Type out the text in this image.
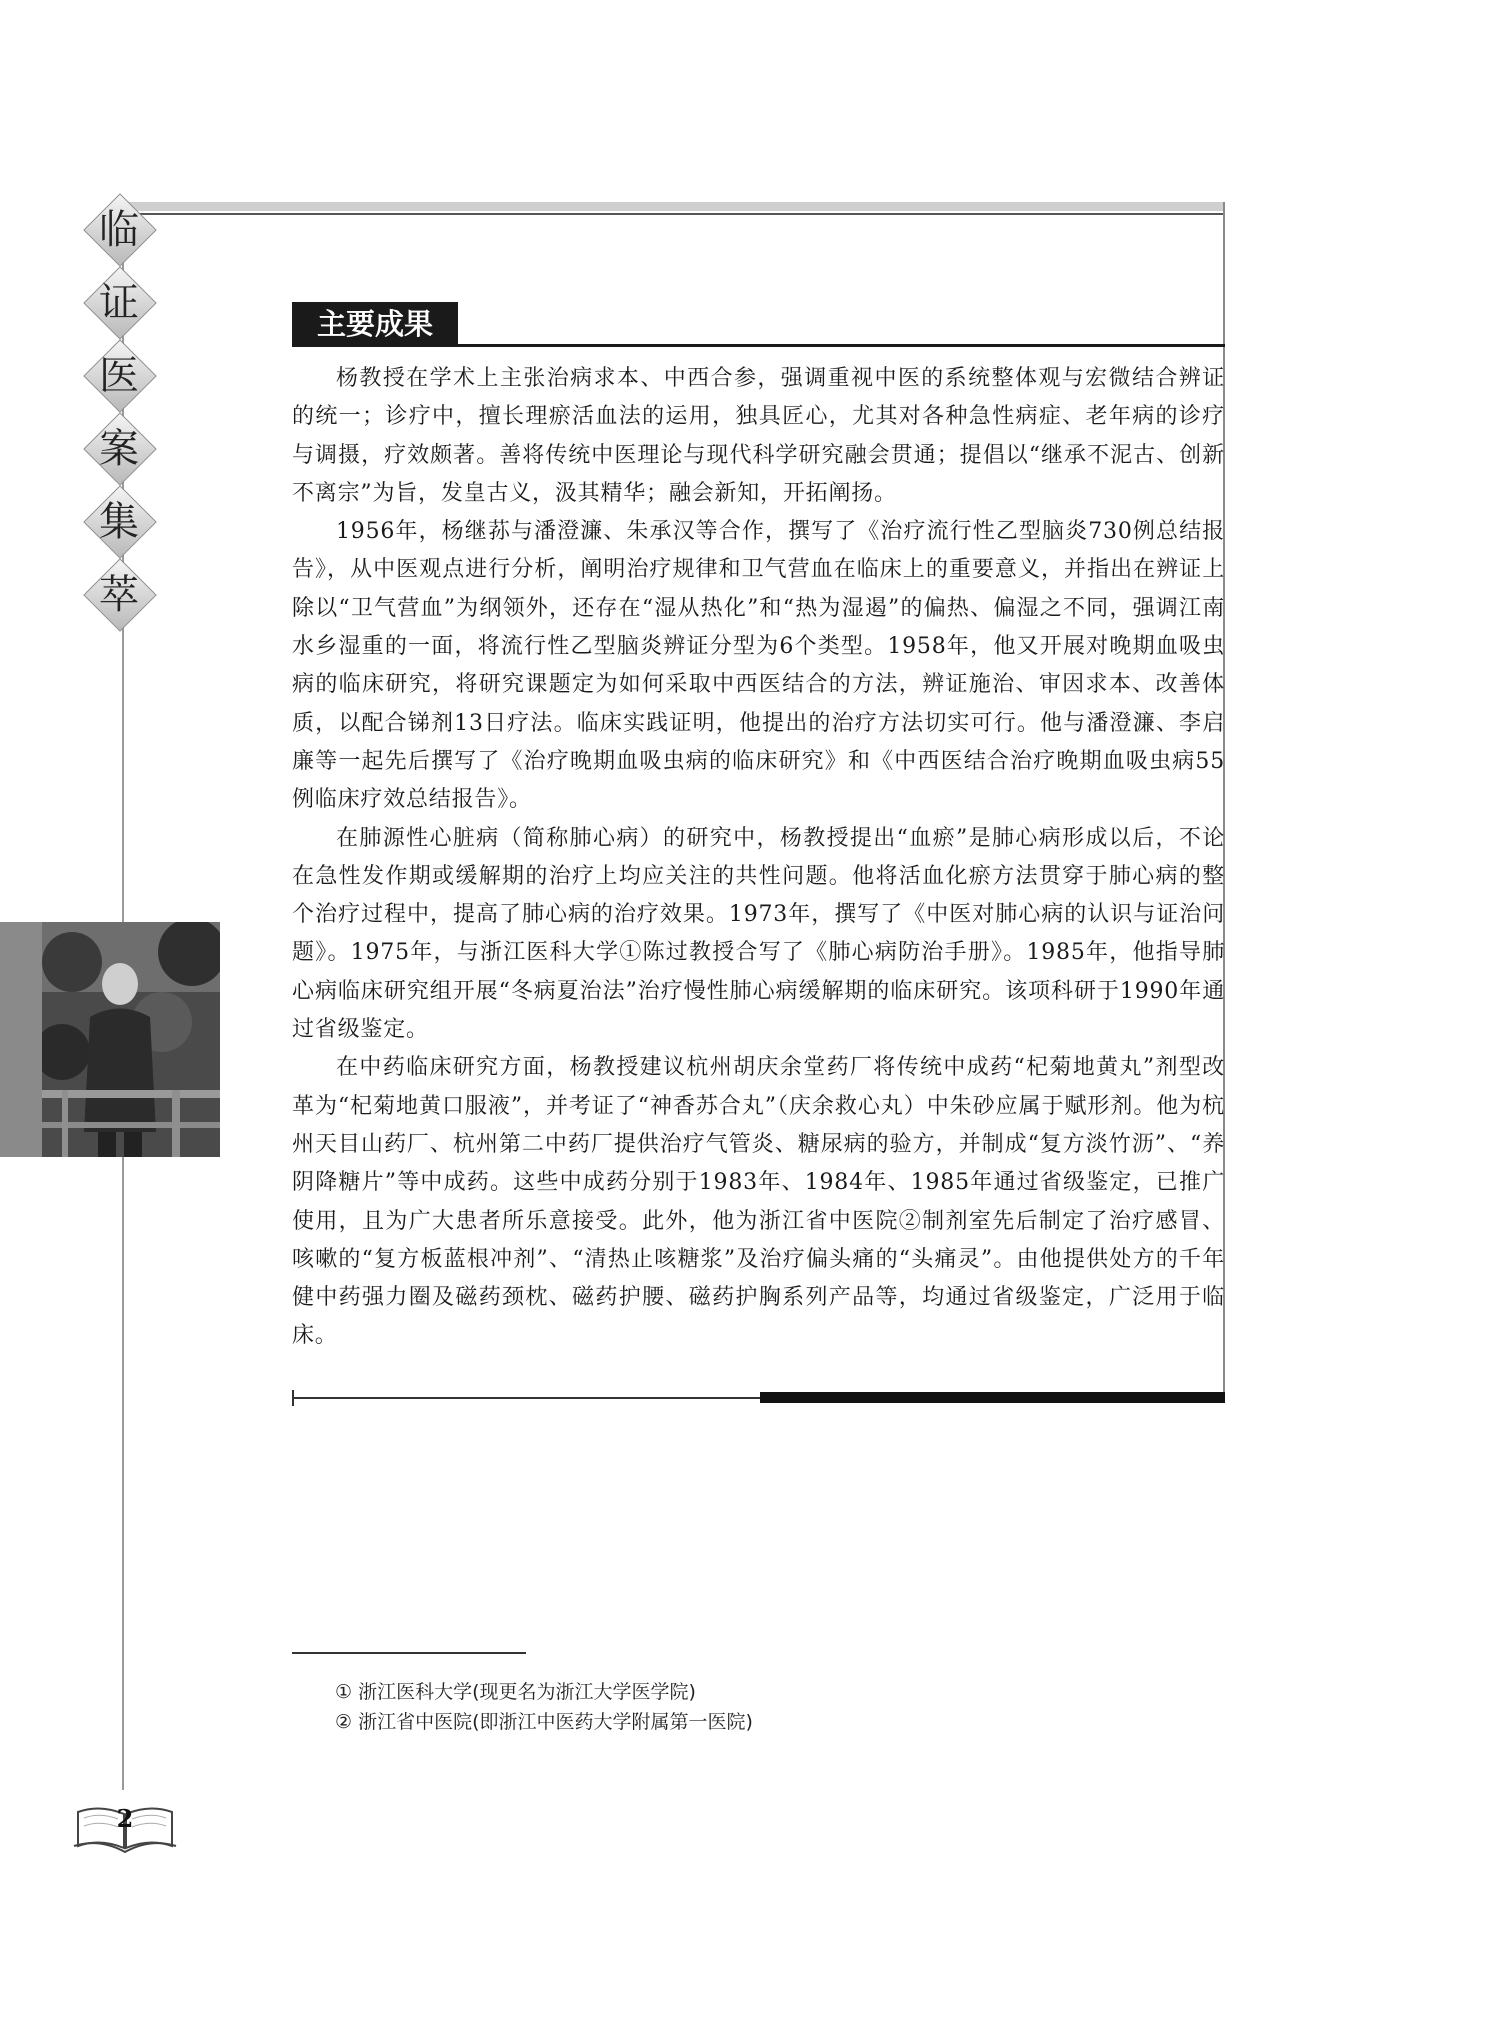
临
证
医
案
集
萃
主要成果

杨教授在学术上主张治病求本、中西合参，强调重视中医的系统整体观与宏微结合辨证的统一；诊疗中，擅长理瘀活血法的运用，独具匠心，尤其对各种急性病症、老年病的诊疗与调摄，疗效颇著。善将传统中医理论与现代科学研究融会贯通；提倡以“继承不泥古、创新不离宗”为旨，发皇古义，汲其精华；融会新知，开拓阐扬。

1956年，杨继荪与潘澄濂、朱承汉等合作，撰写了《治疗流行性乙型脑炎730例总结报告》，从中医观点进行分析，阐明治疗规律和卫气营血在临床上的重要意义，并指出在辨证上除以“卫气营血”为纲领外，还存在“湿从热化”和“热为湿遏”的偏热、偏湿之不同，强调江南水乡湿重的一面，将流行性乙型脑炎辨证分型为6个类型。1958年，他又开展对晚期血吸虫病的临床研究，将研究课题定为如何采取中西医结合的方法，辨证施治、审因求本、改善体质，以配合锑剂13日疗法。临床实践证明，他提出的治疗方法切实可行。他与潘澄濂、李启廉等一起先后撰写了《治疗晚期血吸虫病的临床研究》和《中西医结合治疗晚期血吸虫病55例临床疗效总结报告》。

在肺源性心脏病（简称肺心病）的研究中，杨教授提出“血瘀”是肺心病形成以后，不论在急性发作期或缓解期的治疗上均应关注的共性问题。他将活血化瘀方法贯穿于肺心病的整个治疗过程中，提高了肺心病的治疗效果。1973年，撰写了《中医对肺心病的认识与证治问题》。1975年，与浙江医科大学①陈过教授合写了《肺心病防治手册》。1985年，他指导肺心病临床研究组开展“冬病夏治法”治疗慢性肺心病缓解期的临床研究。该项科研于1990年通过省级鉴定。

在中药临床研究方面，杨教授建议杭州胡庆余堂药厂将传统中成药“杞菊地黄丸”剂型改革为“杞菊地黄口服液”，并考证了“神香苏合丸”（庆余救心丸）中朱砂应属于赋形剂。他为杭州天目山药厂、杭州第二中药厂提供治疗气管炎、糖尿病的验方，并制成“复方淡竹沥”、“养阴降糖片”等中成药。这些中成药分别于1983年、1984年、1985年通过省级鉴定，已推广使用，且为广大患者所乐意接受。此外，他为浙江省中医院②制剂室先后制定了治疗感冒、咳嗽的“复方板蓝根冲剂”、“清热止咳糖浆”及治疗偏头痛的“头痛灵”。由他提供处方的千年健中药强力圈及磁药颈枕、磁药护腰、磁药护胸系列产品等，均通过省级鉴定，广泛用于临床。

① 浙江医科大学(现更名为浙江大学医学院)
② 浙江省中医院(即浙江中医药大学附属第一医院)
2
